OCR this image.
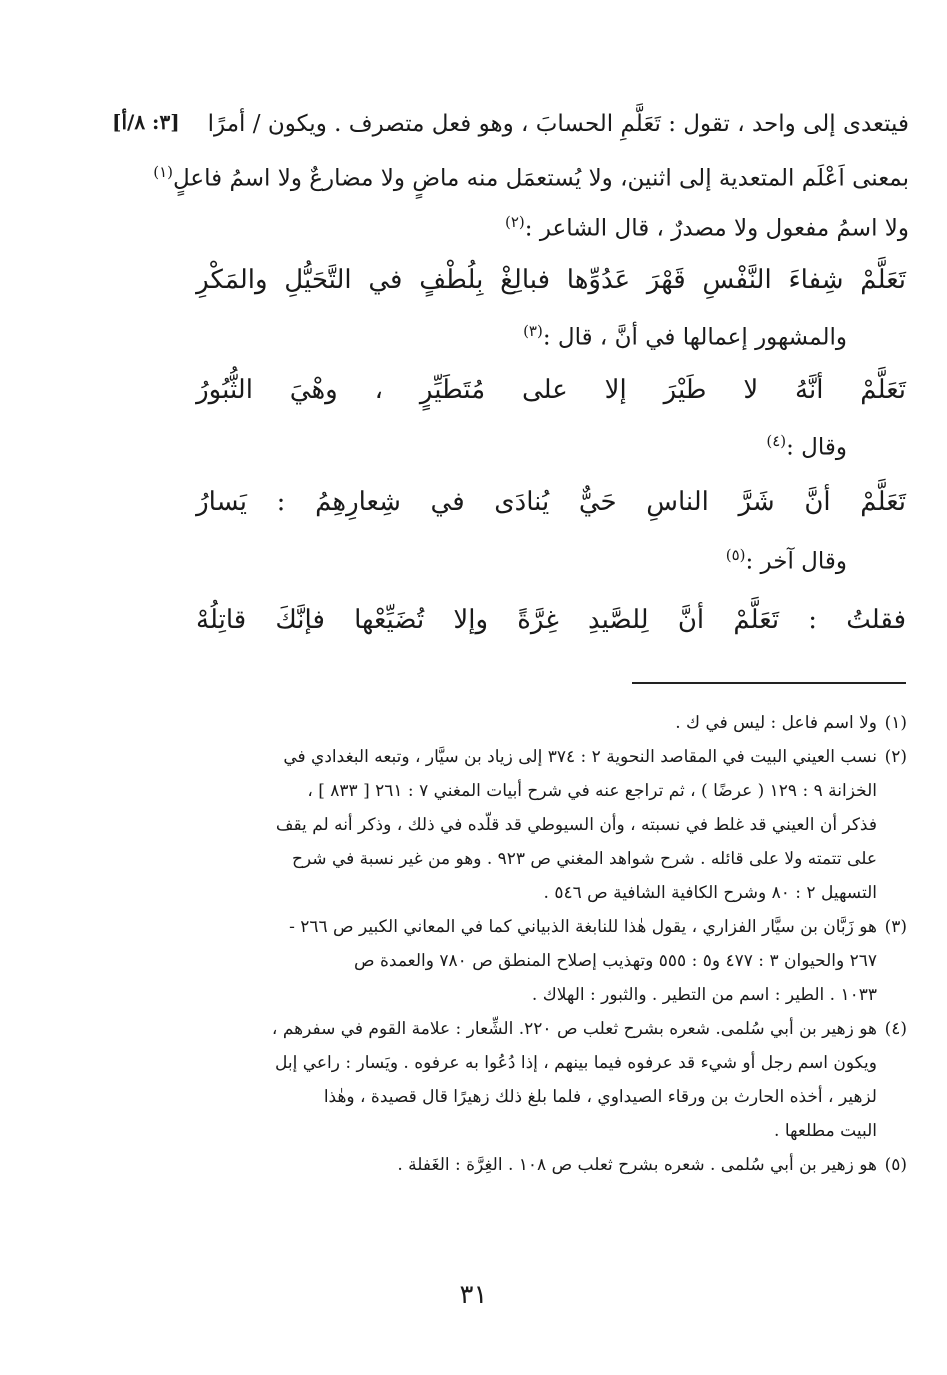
[٣: ٨/أ] فيتعدى إلى واحد ، تقول : تَعَلَّمِ الحسابَ ، وهو فعل متصرف . ويكون / أمرًا
بمعنى اَعْلَم المتعدية إلى اثنين، ولا يُستعمَل منه ماضٍ ولا مضارعٌ ولا اسمُ فاعلٍ$^{(١)}$
ولا اسمُ مفعول ولا مصدرٌ ، قال الشاعر :$^{(٢)}$
تَعَلَّمْ
شِفاءَ
النَّفْسِ
قَهْرَ
عَدُوِّها
فبالِغْ
بِلُطْفٍ
في
التَّحَيُّلِ
والمَكْرِ
والمشهور إعمالها في أنَّ ، قال :$^{(٣)}$
تَعَلَّمْ
أنَّهُ
لا
طَيْرَ
إلا
على
مُتَطَيِّرٍ
،
وهْيَ
الثُّبُورُ
وقال :$^{(٤)}$
تَعَلَّمْ
أنَّ
شَرَّ
الناسِ
حَيٌّ
يُنادَى
في
شِعارِهِمُ
:
يَسارُ
وقال آخر :$^{(٥)}$
فقلتُ
:
تَعَلَّمْ
أنَّ
لِلصَّيدِ
غِرَّةً
وإلا
تُضَيِّعْها
فإنَّكَ
قاتِلُهْ
(١)
ولا اسم فاعل : ليس في ك .
(٢)
نسب العيني البيت في المقاصد النحوية ٢ : ٣٧٤ إلى زياد بن سيَّار ، وتبعه البغدادي في
الخزانة ٩ : ١٢٩ ( عرضًا ) ، ثم تراجع عنه في شرح أبيات المغني ٧ : ٢٦١ [ ٨٣٣ ] ،
فذكر أن العيني قد غلط في نسبته ، وأن السيوطي قد قلّده في ذلك ، وذكر أنه لم يقف
على تتمته ولا على قائله . شرح شواهد المغني ص ٩٢٣ . وهو من غير نسبة في شرح
التسهيل ٢ : ٨٠ وشرح الكافية الشافية ص ٥٤٦ .
(٣)
هو زَبَّان بن سيَّار الفزاري ، يقول هٰذا للنابغة الذبياني كما في المعاني الكبير ص ٢٦٦ -
٢٦٧ والحيوان ٣ : ٤٧٧ و٥ : ٥٥٥ وتهذيب إصلاح المنطق ص ٧٨٠ والعمدة ص
١٠٣٣ . الطير : اسم من التطير . والثبور : الهلاك .
(٤)
هو زهير بن أبي سُلمى. شعره بشرح ثعلب ص ٢٢٠. الشِّعار : علامة القوم في سفرهم ،
ويكون اسم رجل أو شيء قد عرفوه فيما بينهم ، إذا دُعُوا به عرفوه . ويَسار : راعي إبل
لزهير ، أخذه الحارث بن ورقاء الصيداوي ، فلما بلغ ذلك زهيرًا قال قصيدة ، وهٰذا
البيت مطلعها .
(٥)
هو زهير بن أبي سُلمى . شعره بشرح ثعلب ص ١٠٨ . الغِرَّة : الغَفلة .
٣١
